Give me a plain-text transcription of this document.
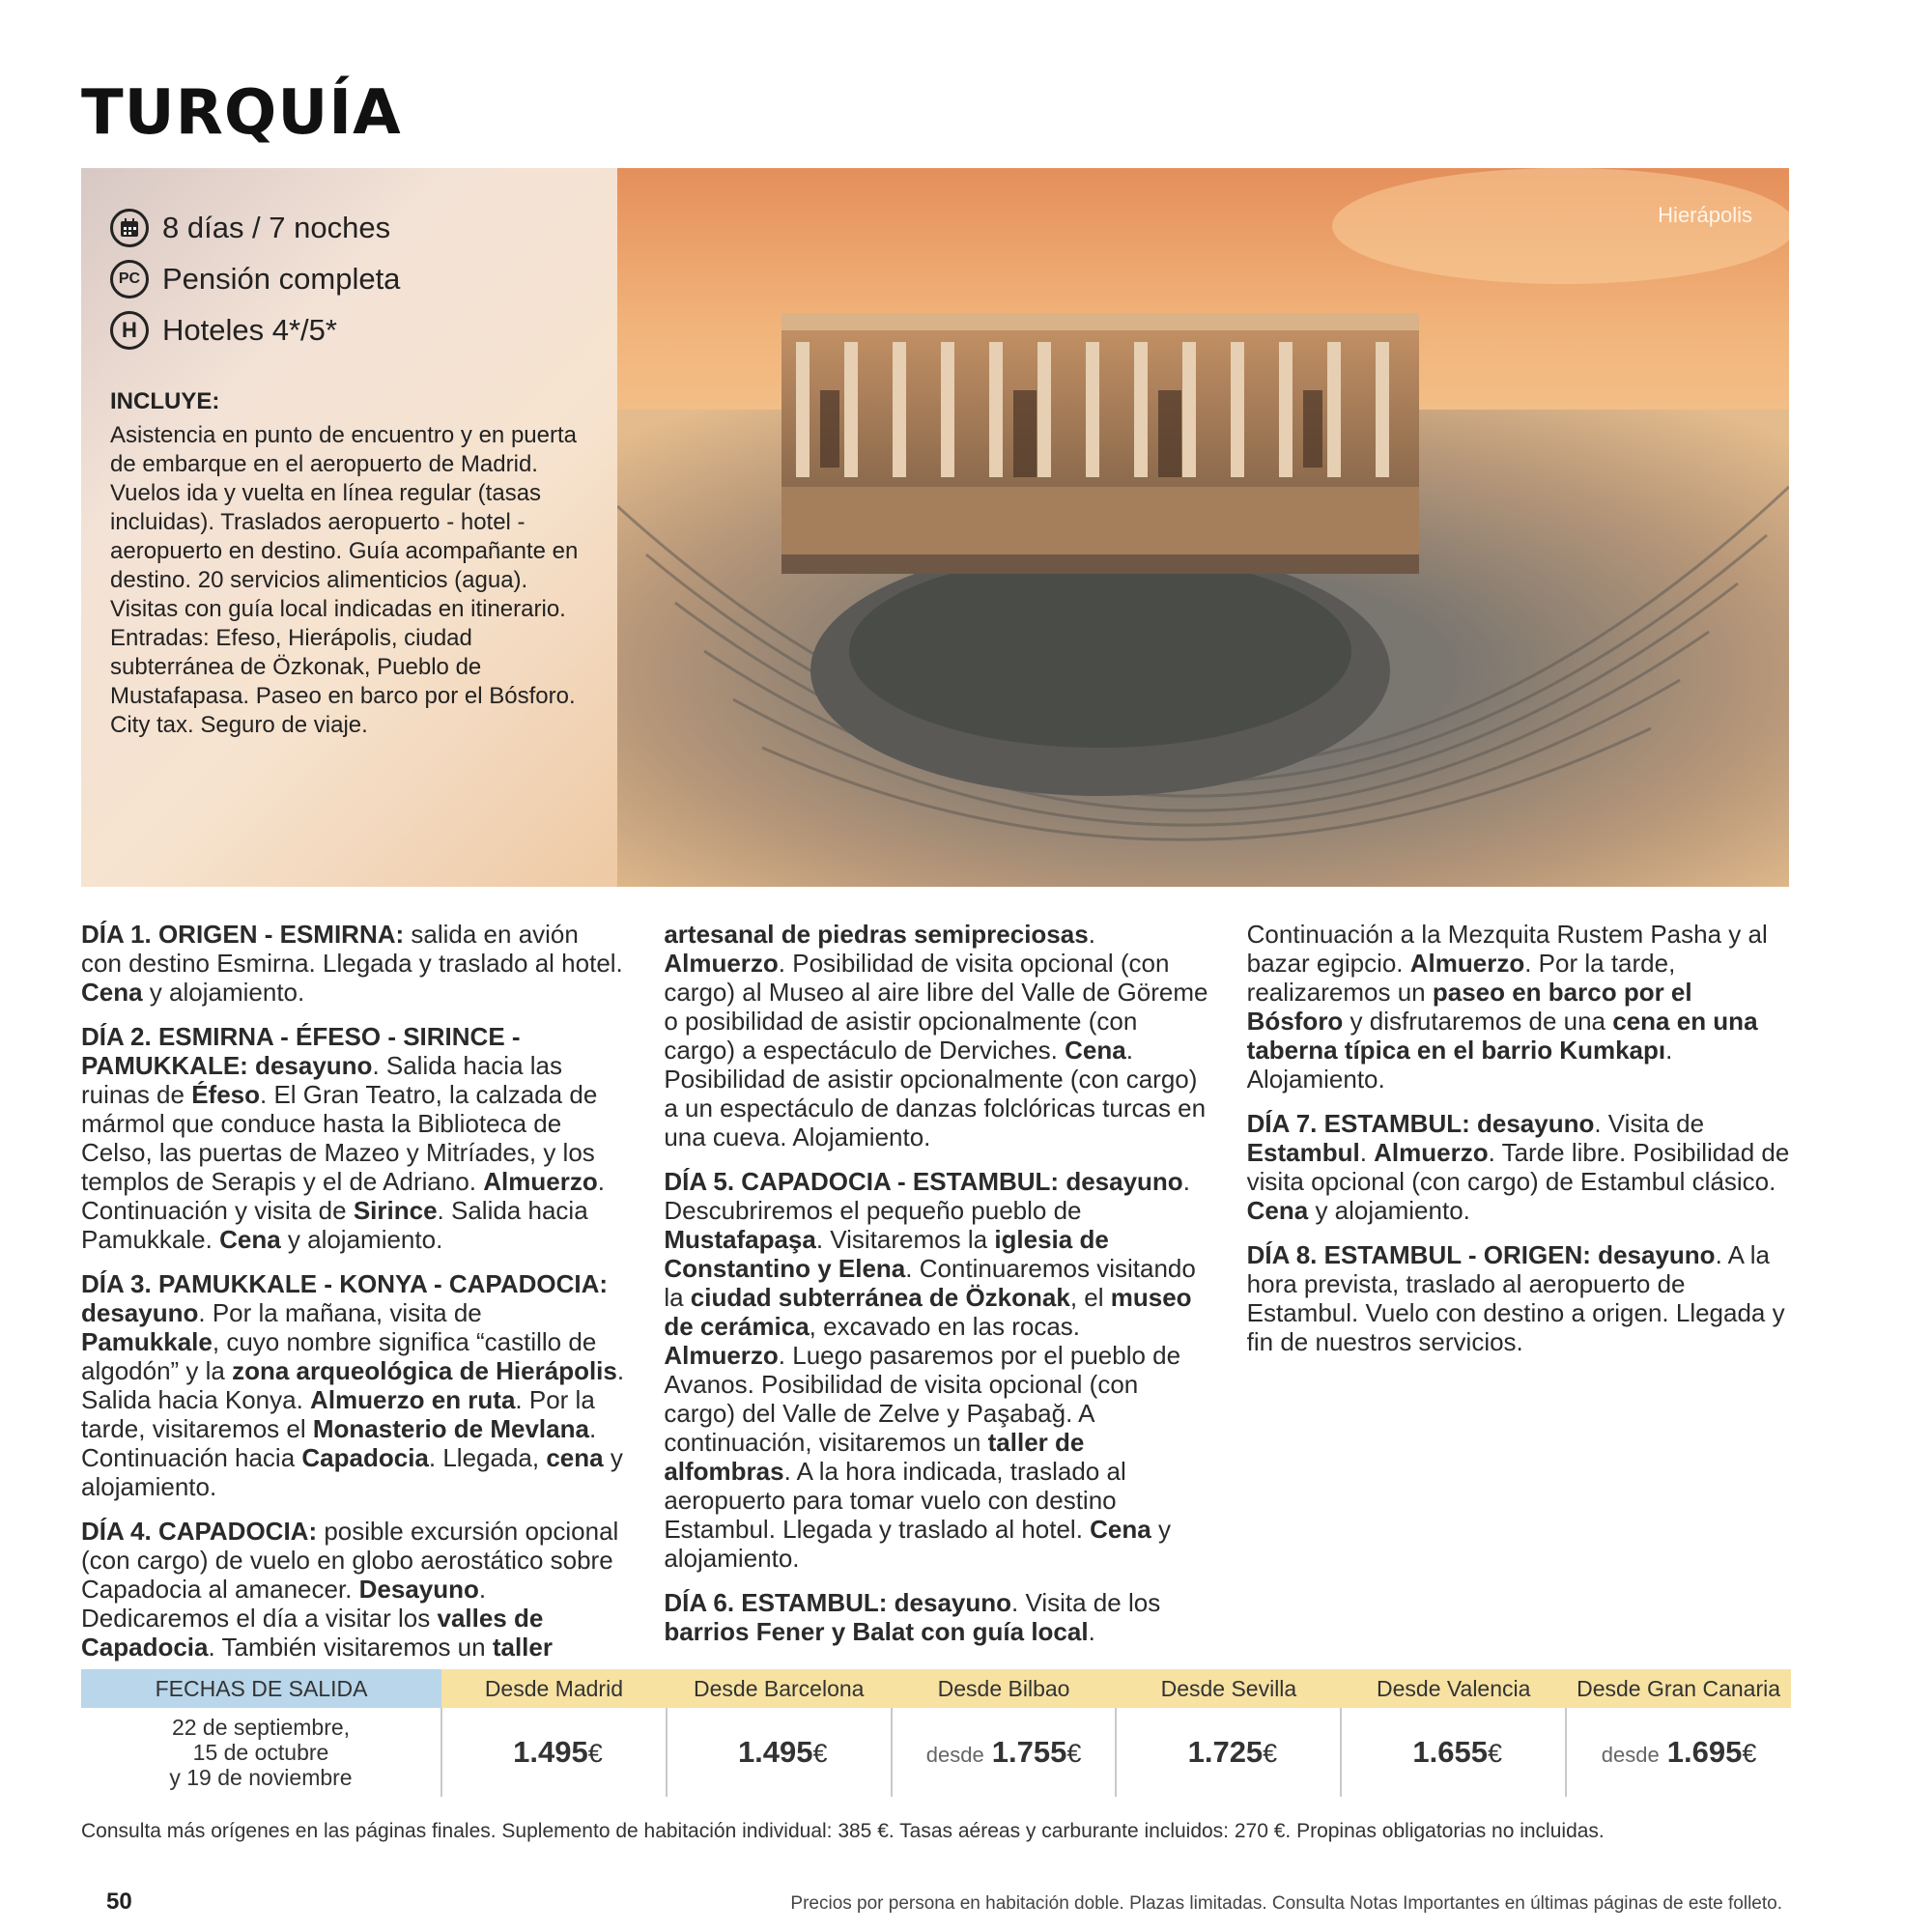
TURQUÍA
8 días / 7 noches
PC Pensión completa
H Hoteles 4*/5*
INCLUYE:
Asistencia en punto de encuentro y en puerta de embarque en el aeropuerto de Madrid. Vuelos ida y vuelta en línea regular (tasas incluidas). Traslados aeropuerto - hotel - aeropuerto en destino. Guía acompañante en destino. 20 servicios alimenticios (agua). Visitas con guía local indicadas en itinerario. Entradas: Efeso, Hierápolis, ciudad subterránea de Özkonak, Pueblo de Mustafapasa. Paseo en barco por el Bósforo. City tax. Seguro de viaje.
Hierápolis

DÍA 1. ORIGEN - ESMIRNA: salida en avión con destino Esmirna. Llegada y traslado al hotel. Cena y alojamiento.

DÍA 2. ESMIRNA - ÉFESO - SIRINCE - PAMUKKALE: desayuno. Salida hacia las ruinas de Éfeso. El Gran Teatro, la calzada de mármol que conduce hasta la Biblioteca de Celso, las puertas de Mazeo y Mitríades, y los templos de Serapis y el de Adriano. Almuerzo. Continuación y visita de Sirince. Salida hacia Pamukkale. Cena y alojamiento.

DÍA 3. PAMUKKALE - KONYA - CAPADOCIA: desayuno. Por la mañana, visita de Pamukkale, cuyo nombre significa “castillo de algodón” y la zona arqueológica de Hierápolis. Salida hacia Konya. Almuerzo en ruta. Por la tarde, visitaremos el Monasterio de Mevlana. Continuación hacia Capadocia. Llegada, cena y alojamiento.

DÍA 4. CAPADOCIA: posible excursión opcional (con cargo) de vuelo en globo aerostático sobre Capadocia al amanecer. Desayuno. Dedicaremos el día a visitar los valles de Capadocia. También visitaremos un taller artesanal de piedras semipreciosas. Almuerzo. Posibilidad de visita opcional (con cargo) al Museo al aire libre del Valle de Göreme o posibilidad de asistir opcionalmente (con cargo) a espectáculo de Derviches. Cena. Posibilidad de asistir opcionalmente (con cargo) a un espectáculo de danzas folclóricas turcas en una cueva. Alojamiento.

DÍA 5. CAPADOCIA - ESTAMBUL: desayuno. Descubriremos el pequeño pueblo de Mustafapaşa. Visitaremos la iglesia de Constantino y Elena. Continuaremos visitando la ciudad subterránea de Özkonak, el museo de cerámica, excavado en las rocas. Almuerzo. Luego pasaremos por el pueblo de Avanos. Posibilidad de visita opcional (con cargo) del Valle de Zelve y Paşabağ. A continuación, visitaremos un taller de alfombras. A la hora indicada, traslado al aeropuerto para tomar vuelo con destino Estambul. Llegada y traslado al hotel. Cena y alojamiento.

DÍA 6. ESTAMBUL: desayuno. Visita de los barrios Fener y Balat con guía local. Continuación a la Mezquita Rustem Pasha y al bazar egipcio. Almuerzo. Por la tarde, realizaremos un paseo en barco por el Bósforo y disfrutaremos de una cena en una taberna típica en el barrio Kumkapı. Alojamiento.

DÍA 7. ESTAMBUL: desayuno. Visita de Estambul. Almuerzo. Tarde libre. Posibilidad de visita opcional (con cargo) de Estambul clásico. Cena y alojamiento.

DÍA 8. ESTAMBUL - ORIGEN: desayuno. A la hora prevista, traslado al aeropuerto de Estambul. Vuelo con destino a origen. Llegada y fin de nuestros servicios.

FECHAS DE SALIDA	Desde Madrid	Desde Barcelona	Desde Bilbao	Desde Sevilla	Desde Valencia	Desde Gran Canaria

22 de septiembre,
15 de octubre
y 19 de noviembre	1.495€	1.495€	desde 1.755€	1.725€	1.655€	desde 1.695€
Consulta más orígenes en las páginas finales. Suplemento de habitación individual: 385 €. Tasas aéreas y carburante incluidos: 270 €. Propinas obligatorias no incluidas.
50	Precios por persona en habitación doble. Plazas limitadas. Consulta Notas Importantes en últimas páginas de este folleto.
